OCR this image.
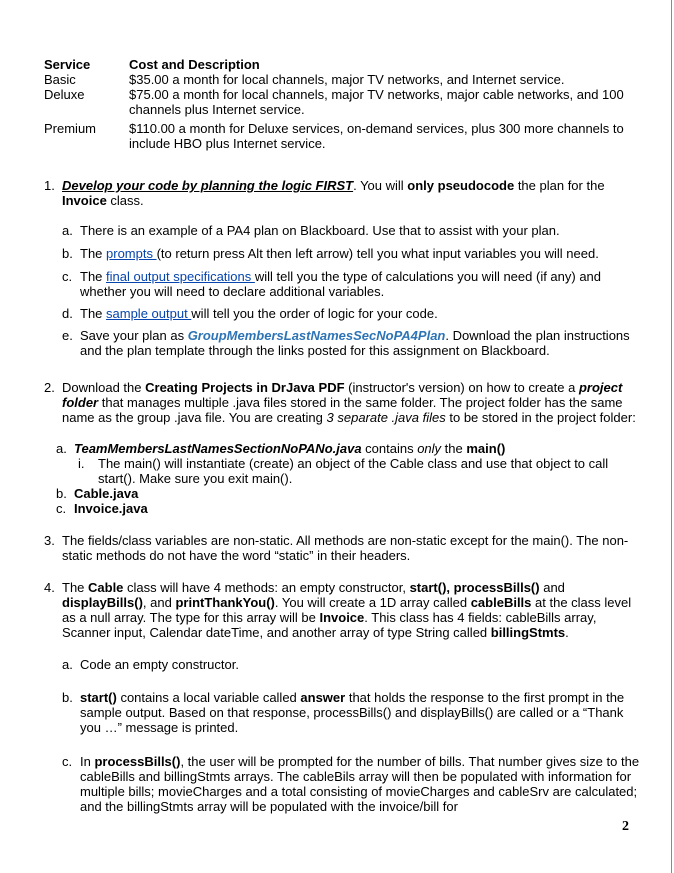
Service	Cost and Description
Basic	$35.00 a month for local channels, major TV networks, and Internet service.
Deluxe	$75.00 a month for local channels, major TV networks, major cable networks, and 100 channels plus Internet service.
Premium	$110.00 a month for Deluxe services, on-demand services, plus 300 more channels to include HBO plus Internet service.
1. Develop your code by planning the logic FIRST. You will only pseudocode the plan for the Invoice class.
a. There is an example of a PA4 plan on Blackboard. Use that to assist with your plan.
b. The prompts (to return press Alt then left arrow) tell you what input variables you will need.
c. The final output specifications will tell you the type of calculations you will need (if any) and whether you will need to declare additional variables.
d. The sample output will tell you the order of logic for your code.
e. Save your plan as GroupMembersLastNamesSecNoPA4Plan. Download the plan instructions and the plan template through the links posted for this assignment on Blackboard.
2. Download the Creating Projects in DrJava PDF (instructor's version) on how to create a project folder that manages multiple .java files stored in the same folder. The project folder has the same name as the group .java file. You are creating 3 separate .java files to be stored in the project folder:
a. TeamMembersLastNamesSectionNoPANo.java contains only the main()
i.	The main() will instantiate (create) an object of the Cable class and use that object to call start(). Make sure you exit main().
b. Cable.java
c. Invoice.java
3. The fields/class variables are non-static. All methods are non-static except for the main(). The non-static methods do not have the word “static” in their headers.
4. The Cable class will have 4 methods: an empty constructor, start(), processBills() and displayBills(), and printThankYou(). You will create a 1D array called cableBills at the class level as a null array. The type for this array will be Invoice. This class has 4 fields: cableBills array, Scanner input, Calendar dateTime, and another array of type String called billingStmts.
a. Code an empty constructor.
b. start() contains a local variable called answer that holds the response to the first prompt in the sample output. Based on that response, processBills() and displayBills() are called or a “Thank you …” message is printed.
c. In processBills(), the user will be prompted for the number of bills. That number gives size to the cableBills and billingStmts arrays. The cableBils array will then be populated with information for multiple bills; movieCharges and a total consisting of movieCharges and cableSrv are calculated; and the billingStmts array will be populated with the invoice/bill for
2
